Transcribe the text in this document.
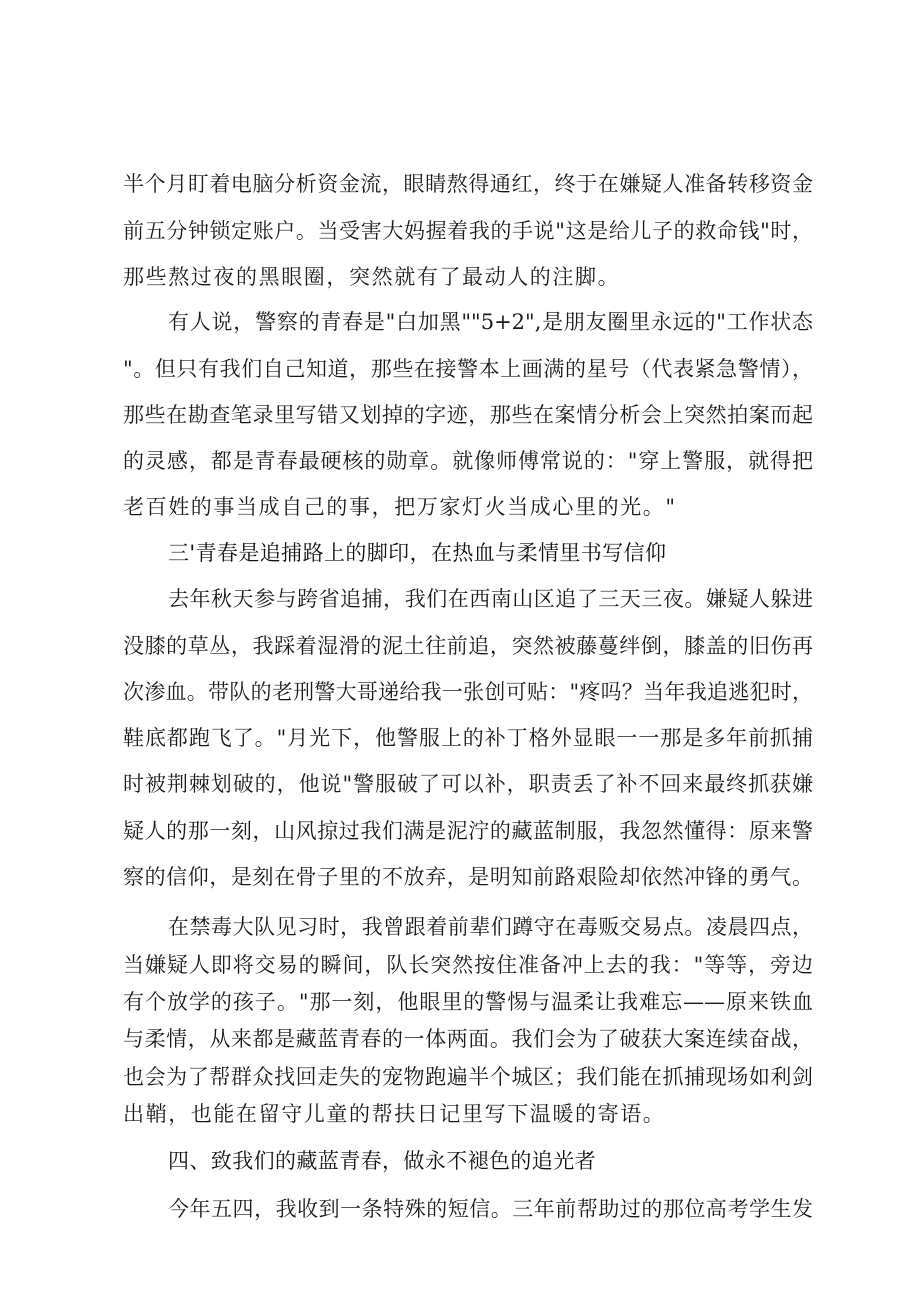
半个月盯着电脑分析资金流，眼睛熬得通红，终于在嫌疑人准备转移资金
前五分钟锁定账户。当受害大妈握着我的手说"这是给儿子的救命钱"时，
那些熬过夜的黑眼圈，突然就有了最动人的注脚。
有人说，警察的青春是"白加黑""5+2",是朋友圈里永远的"工作状态
"。但只有我们自己知道，那些在接警本上画满的星号（代表紧急警情），
那些在勘查笔录里写错又划掉的字迹，那些在案情分析会上突然拍案而起
的灵感，都是青春最硬核的勋章。就像师傅常说的："穿上警服，就得把
老百姓的事当成自己的事，把万家灯火当成心里的光。"
三'青春是追捕路上的脚印，在热血与柔情里书写信仰
去年秋天参与跨省追捕，我们在西南山区追了三天三夜。嫌疑人躲进
没膝的草丛，我踩着湿滑的泥土往前追，突然被藤蔓绊倒，膝盖的旧伤再
次渗血。带队的老刑警大哥递给我一张创可贴："疼吗？当年我追逃犯时，
鞋底都跑飞了。"月光下，他警服上的补丁格外显眼一一那是多年前抓捕
时被荆棘划破的，他说"警服破了可以补，职责丢了补不回来最终抓获嫌
疑人的那一刻，山风掠过我们满是泥泞的藏蓝制服，我忽然懂得：原来警
察的信仰，是刻在骨子里的不放弃，是明知前路艰险却依然冲锋的勇气。
在禁毒大队见习时，我曾跟着前辈们蹲守在毒贩交易点。凌晨四点，
当嫌疑人即将交易的瞬间，队长突然按住准备冲上去的我："等等，旁边
有个放学的孩子。"那一刻，他眼里的警惕与温柔让我难忘——原来铁血
与柔情，从来都是藏蓝青春的一体两面。我们会为了破获大案连续奋战，
也会为了帮群众找回走失的宠物跑遍半个城区；我们能在抓捕现场如利剑
出鞘，也能在留守儿童的帮扶日记里写下温暖的寄语。
四、致我们的藏蓝青春，做永不褪色的追光者
今年五四，我收到一条特殊的短信。三年前帮助过的那位高考学生发
